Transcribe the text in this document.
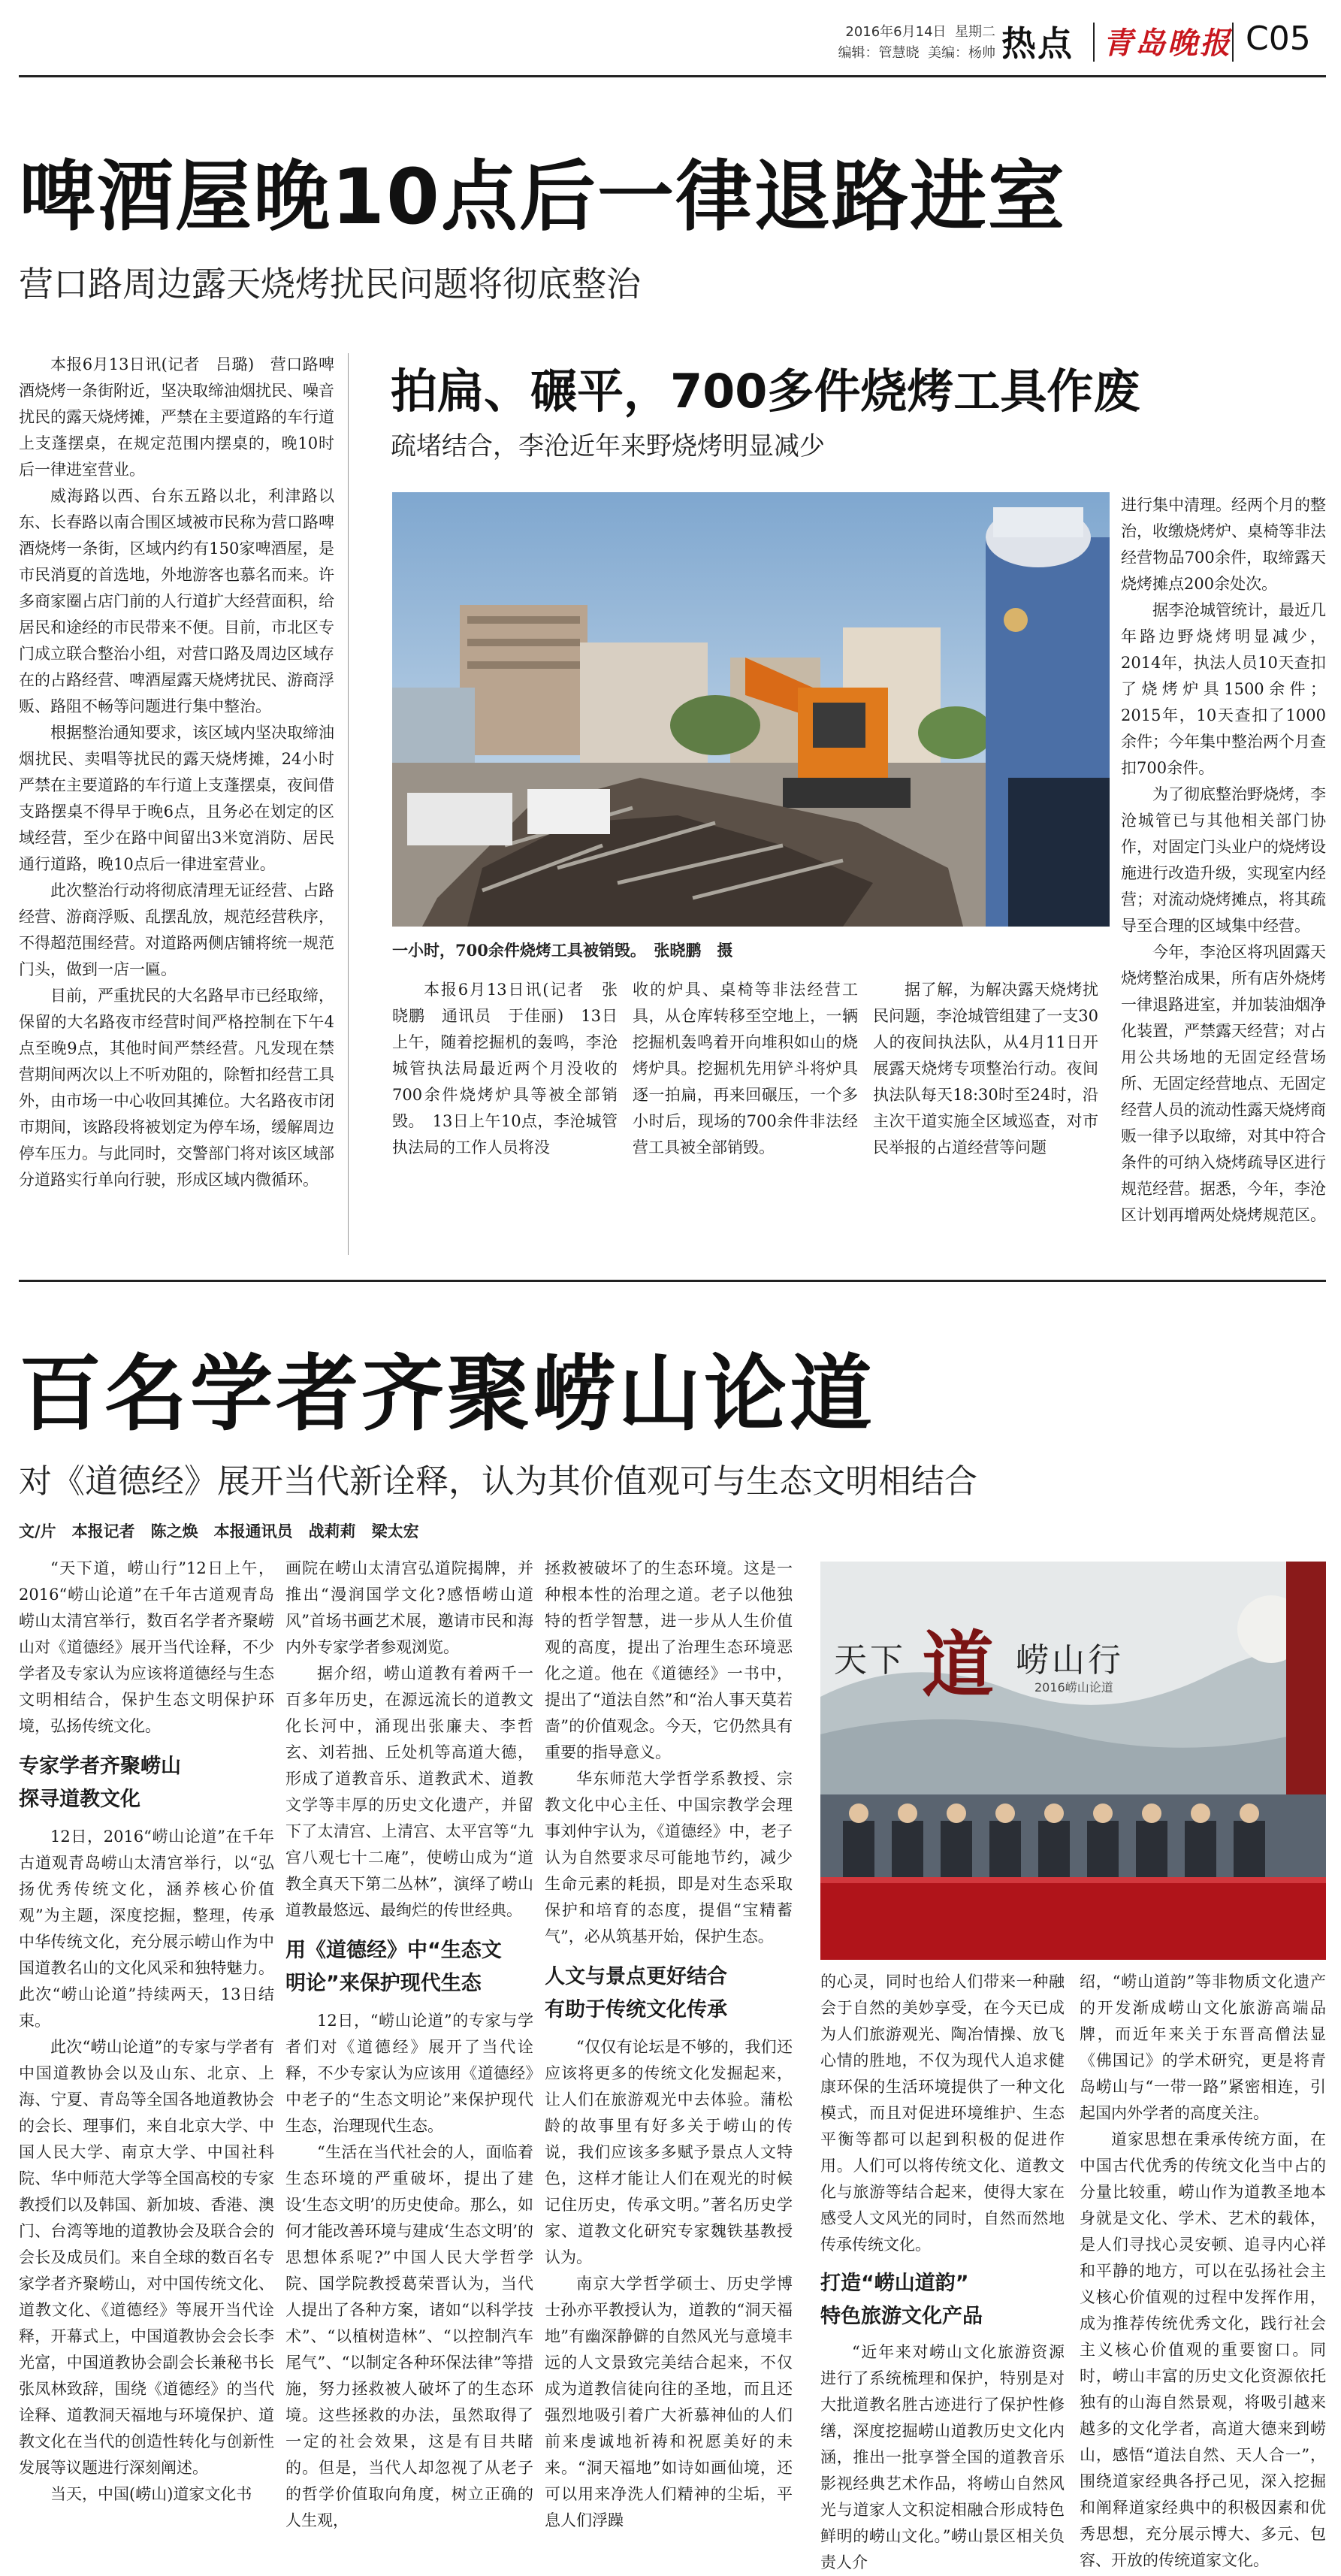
2016年6月14日 星期二
编辑：管慧晓 美编：杨帅 热点 青岛晚报 C05
啤酒屋晚10点后一律退路进室
营口路周边露天烧烤扰民问题将彻底整治

本报6月13日讯(记者　吕璐)　营口路啤酒烧烤一条街附近，坚决取缔油烟扰民、噪音扰民的露天烧烤摊，严禁在主要道路的车行道上支蓬摆桌，在规定范围内摆桌的，晚10时后一律进室营业。

威海路以西、台东五路以北，利津路以东、长春路以南合围区域被市民称为营口路啤酒烧烤一条街，区域内约有150家啤酒屋，是市民消夏的首选地，外地游客也慕名而来。许多商家圈占店门前的人行道扩大经营面积，给居民和途经的市民带来不便。目前，市北区专门成立联合整治小组，对营口路及周边区域存在的占路经营、啤酒屋露天烧烤扰民、游商浮贩、路阻不畅等问题进行集中整治。

根据整治通知要求，该区域内坚决取缔油烟扰民、卖唱等扰民的露天烧烤摊，24小时严禁在主要道路的车行道上支蓬摆桌，夜间借支路摆桌不得早于晚6点，且务必在划定的区域经营，至少在路中间留出3米宽消防、居民通行道路，晚10点后一律进室营业。

此次整治行动将彻底清理无证经营、占路经营、游商浮贩、乱摆乱放，规范经营秩序，不得超范围经营。对道路两侧店铺将统一规范门头，做到一店一匾。

目前，严重扰民的大名路早市已经取缔，保留的大名路夜市经营时间严格控制在下午4点至晚9点，其他时间严禁经营。凡发现在禁营期间两次以上不听劝阻的，除暂扣经营工具外，由市场一中心收回其摊位。大名路夜市闭市期间，该路段将被划定为停车场，缓解周边停车压力。与此同时，交警部门将对该区域部分道路实行单向行驶，形成区域内微循环。

拍扁、碾平，700多件烧烤工具作废
疏堵结合，李沧近年来野烧烤明显减少
一小时，700余件烧烤工具被销毁。　张晓鹏　摄

本报6月13日讯(记者　张晓鹏　通讯员　于佳丽)　13日上午，随着挖掘机的轰鸣，李沧城管执法局最近两个月没收的700余件烧烤炉具等被全部销毁。　13日上午10点，李沧城管执法局的工作人员将没

收的炉具、桌椅等非法经营工具，从仓库转移至空地上，一辆挖掘机轰鸣着开向堆积如山的烧烤炉具。挖掘机先用铲斗将炉具逐一拍扁，再来回碾压，一个多小时后，现场的700余件非法经营工具被全部销毁。

据了解，为解决露天烧烤扰民问题，李沧城管组建了一支30人的夜间执法队，从4月11日开展露天烧烤专项整治行动。夜间执法队每天18:30时至24时，沿主次干道实施全区域巡查，对市民举报的占道经营等问题

进行集中清理。经两个月的整治，收缴烧烤炉、桌椅等非法经营物品700余件，取缔露天烧烤摊点200余处次。

据李沧城管统计，最近几年路边野烧烤明显减少，2014年，执法人员10天查扣了烧烤炉具1500余件；2015年，10天查扣了1000余件；今年集中整治两个月查扣700余件。

为了彻底整治野烧烤，李沧城管已与其他相关部门协作，对固定门头业户的烧烤设施进行改造升级，实现室内经营；对流动烧烤摊点，将其疏导至合理的区域集中经营。

今年，李沧区将巩固露天烧烤整治成果，所有店外烧烤一律退路进室，并加装油烟净化装置，严禁露天经营；对占用公共场地的无固定经营场所、无固定经营地点、无固定经营人员的流动性露天烧烤商贩一律予以取缔，对其中符合条件的可纳入烧烤疏导区进行规范经营。据悉，今年，李沧区计划再增两处烧烤规范区。

百名学者齐聚崂山论道
对《道德经》展开当代新诠释，认为其价值观可与生态文明相结合
文/片　本报记者　陈之焕　本报通讯员　战莉莉　梁太宏

“天下道，崂山行”12日上午，2016“崂山论道”在千年古道观青岛崂山太清宫举行，数百名学者齐聚崂山对《道德经》展开当代诠释，不少学者及专家认为应该将道德经与生态文明相结合，保护生态文明保护环境，弘扬传统文化。

专家学者齐聚崂山
探寻道教文化

12日，2016“崂山论道”在千年古道观青岛崂山太清宫举行，以“弘扬优秀传统文化，涵养核心价值观”为主题，深度挖掘，整理，传承中华传统文化，充分展示崂山作为中国道教名山的文化风采和独特魅力。此次“崂山论道”持续两天，13日结束。

此次“崂山论道”的专家与学者有中国道教协会以及山东、北京、上海、宁夏、青岛等全国各地道教协会的会长、理事们，来自北京大学、中国人民大学、南京大学、中国社科院、华中师范大学等全国高校的专家教授们以及韩国、新加坡、香港、澳门、台湾等地的道教协会及联合会的会长及成员们。来自全球的数百名专家学者齐聚崂山，对中国传统文化、道教文化、《道德经》等展开当代诠释，开幕式上，中国道教协会会长李光富，中国道教协会副会长兼秘书长张凤林致辞，围绕《道德经》的当代诠释、道教洞天福地与环境保护、道教文化在当代的创造性转化与创新性发展等议题进行深刻阐述。

当天，中国(崂山)道家文化书

画院在崂山太清宫弘道院揭牌，并推出“漫润国学文化?感悟崂山道风”首场书画艺术展，邀请市民和海内外专家学者参观浏览。

据介绍，崂山道教有着两千一百多年历史，在源远流长的道教文化长河中，涌现出张廉夫、李哲玄、刘若拙、丘处机等高道大德，形成了道教音乐、道教武术、道教文学等丰厚的历史文化遗产，并留下了太清宫、上清宫、太平宫等“九宫八观七十二庵”，使崂山成为“道教全真天下第二丛林”，演绎了崂山道教最悠远、最绚烂的传世经典。

用《道德经》中“生态文
明论”来保护现代生态

12日，“崂山论道”的专家与学者们对《道德经》展开了当代诠释，不少专家认为应该用《道德经》中老子的“生态文明论”来保护现代生态，治理现代生态。

“生活在当代社会的人，面临着生态环境的严重破坏，提出了建设‘生态文明’的历史使命。那么，如何才能改善环境与建成‘生态文明’的思想体系呢?”中国人民大学哲学院、国学院教授葛荣晋认为，当代人提出了各种方案，诸如“以科学技术”、“以植树造林”、“以控制汽车尾气”、“以制定各种环保法律”等措施，努力拯救被人破坏了的生态环境。这些拯救的办法，虽然取得了一定的社会效果，这是有目共睹的。但是，当代人却忽视了从老子的哲学价值取向角度，树立正确的人生观，

拯救被破坏了的生态环境。这是一种根本性的治理之道。老子以他独特的哲学智慧，进一步从人生价值观的高度，提出了治理生态环境恶化之道。他在《道德经》一书中，提出了“道法自然”和“治人事天莫若啬”的价值观念。今天，它仍然具有重要的指导意义。

华东师范大学哲学系教授、宗教文化中心主任、中国宗教学会理事刘仲宇认为，《道德经》中，老子认为自然要求尽可能地节约，减少生命元素的耗损，即是对生态采取保护和培育的态度，提倡“宝精蓄气”，必从筑基开始，保护生态。

人文与景点更好结合
有助于传统文化传承

“仅仅有论坛是不够的，我们还应该将更多的传统文化发掘起来，让人们在旅游观光中去体验。蒲松龄的故事里有好多关于崂山的传说，我们应该多多赋予景点人文特色，这样才能让人们在观光的时候记住历史，传承文明。”著名历史学家、道教文化研究专家魏铁基教授认为。

南京大学哲学硕士、历史学博士孙亦平教授认为，道教的“洞天福地”有幽深静僻的自然风光与意境丰远的人文景致完美结合起来，不仅成为道教信徒向往的圣地，而且还强烈地吸引着广大祈慕神仙的人们前来虔诚地祈祷和祝愿美好的未来。“洞天福地”如诗如画仙境，还可以用来净洗人们精神的尘垢，平息人们浮躁

天下 道 崂山行
2016崂山论道

的心灵，同时也给人们带来一种融会于自然的美妙享受，在今天已成为人们旅游观光、陶冶情操、放飞心情的胜地，不仅为现代人追求健康环保的生活环境提供了一种文化模式，而且对促进环境维护、生态平衡等都可以起到积极的促进作用。人们可以将传统文化、道教文化与旅游等结合起来，使得大家在感受人文风光的同时，自然而然地传承传统文化。

打造“崂山道韵”
特色旅游文化产品

“近年来对崂山文化旅游资源进行了系统梳理和保护，特别是对大批道教名胜古迹进行了保护性修缮，深度挖掘崂山道教历史文化内涵，推出一批享誉全国的道教音乐影视经典艺术作品，将崂山自然风光与道家人文积淀相融合形成特色鲜明的崂山文化。”崂山景区相关负责人介

绍，“崂山道韵”等非物质文化遗产的开发渐成崂山文化旅游高端品牌，而近年来关于东晋高僧法显《佛国记》的学术研究，更是将青岛崂山与“一带一路”紧密相连，引起国内外学者的高度关注。

道家思想在秉承传统方面，在中国古代优秀的传统文化当中占的分量比较重，崂山作为道教圣地本身就是文化、学术、艺术的载体，是人们寻找心灵安顿、追寻内心祥和平静的地方，可以在弘扬社会主义核心价值观的过程中发挥作用，成为推荐传统优秀文化，践行社会主义核心价值观的重要窗口。同时，崂山丰富的历史文化资源依托独有的山海自然景观，将吸引越来越多的文化学者，高道大德来到崂山，感悟“道法自然、天人合一”，围绕道家经典各抒己见，深入挖掘和阐释道家经典中的积极因素和优秀思想，充分展示博大、多元、包容、开放的传统道家文化。
